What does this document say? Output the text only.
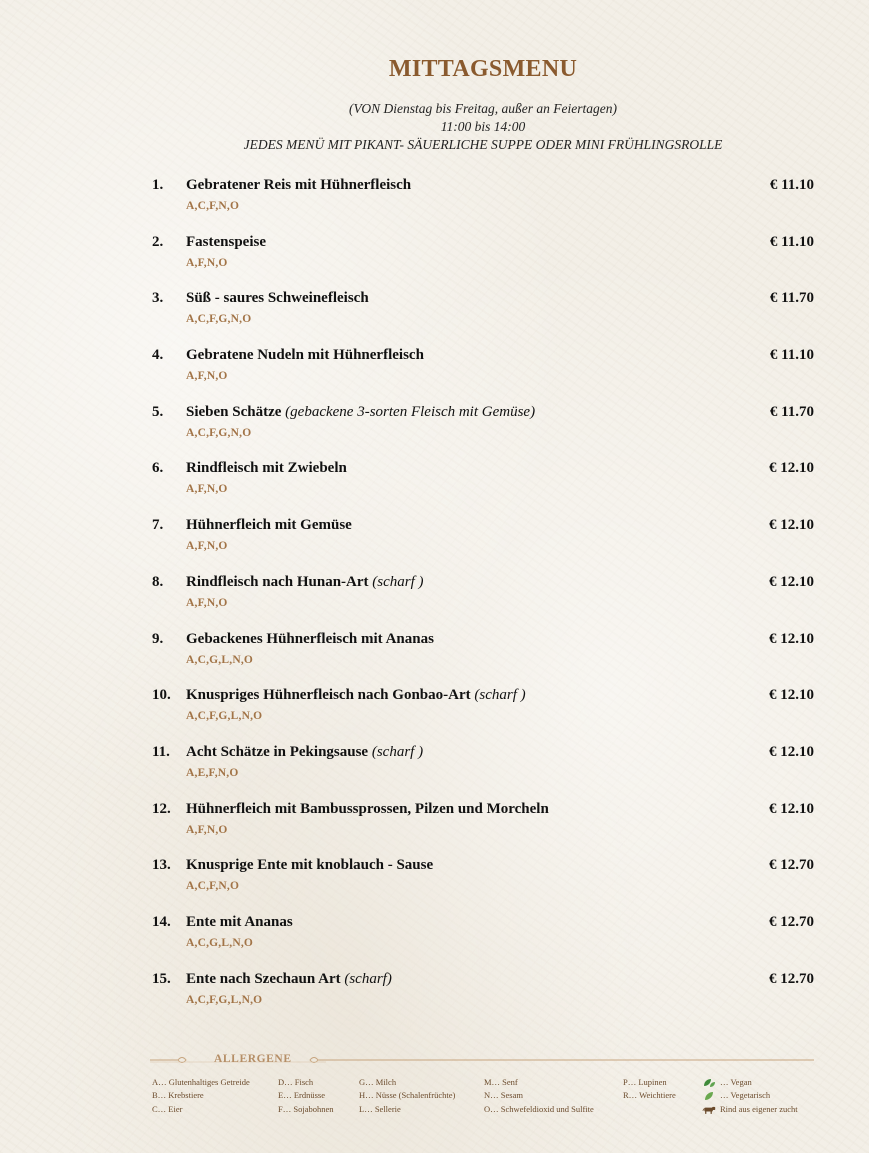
MITTAGSMENU
(VON Dienstag bis Freitag, außer an Feiertagen)
11:00 bis 14:00
JEDES MENÜ MIT PIKANT- SÄUERLICHE SUPPE ODER MINI FRÜHLINGSROLLE
1. Gebratener Reis mit Hühnerfleisch	€ 11.10
A,C,F,N,O
2. Fastenspeise	€ 11.10
A,F,N,O
3. Süß - saures Schweinefleisch	€ 11.70
A,C,F,G,N,O
4. Gebratene Nudeln mit Hühnerfleisch	€ 11.10
A,F,N,O
5. Sieben Schätze (gebackene 3-sorten Fleisch mit Gemüse)	€ 11.70
A,C,F,G,N,O
6. Rindfleisch mit Zwiebeln	€ 12.10
A,F,N,O
7. Hühnerfleich mit Gemüse	€ 12.10
A,F,N,O
8. Rindfleisch nach Hunan-Art (scharf )	€ 12.10
A,F,N,O
9. Gebackenes Hühnerfleisch mit Ananas	€ 12.10
A,C,G,L,N,O
10. Knuspriges Hühnerfleisch nach Gonbao-Art (scharf )	€ 12.10
A,C,F,G,L,N,O
11. Acht Schätze in Pekingsause (scharf )	€ 12.10
A,E,F,N,O
12. Hühnerfleich mit Bambussprossen, Pilzen und Morcheln	€ 12.10
A,F,N,O
13. Knusprige Ente mit knoblauch - Sause	€ 12.70
A,C,F,N,O
14. Ente mit Ananas	€ 12.70
A,C,G,L,N,O
15. Ente nach Szechaun Art (scharf)	€ 12.70
A,C,F,G,L,N,O
ALLERGENE
A… Glutenhaltiges Getreide
B… Krebstiere
C… Eier
D… Fisch
E… Erdnüsse
F… Sojabohnen
G… Milch
H… Nüsse (Schalenfrüchte)
L… Sellerie
M… Senf
N… Sesam
O… Schwefeldioxid und Sulfite
P… Lupinen
R… Weichtiere
… Vegan
… Vegetarisch
Rind aus eigener zucht
